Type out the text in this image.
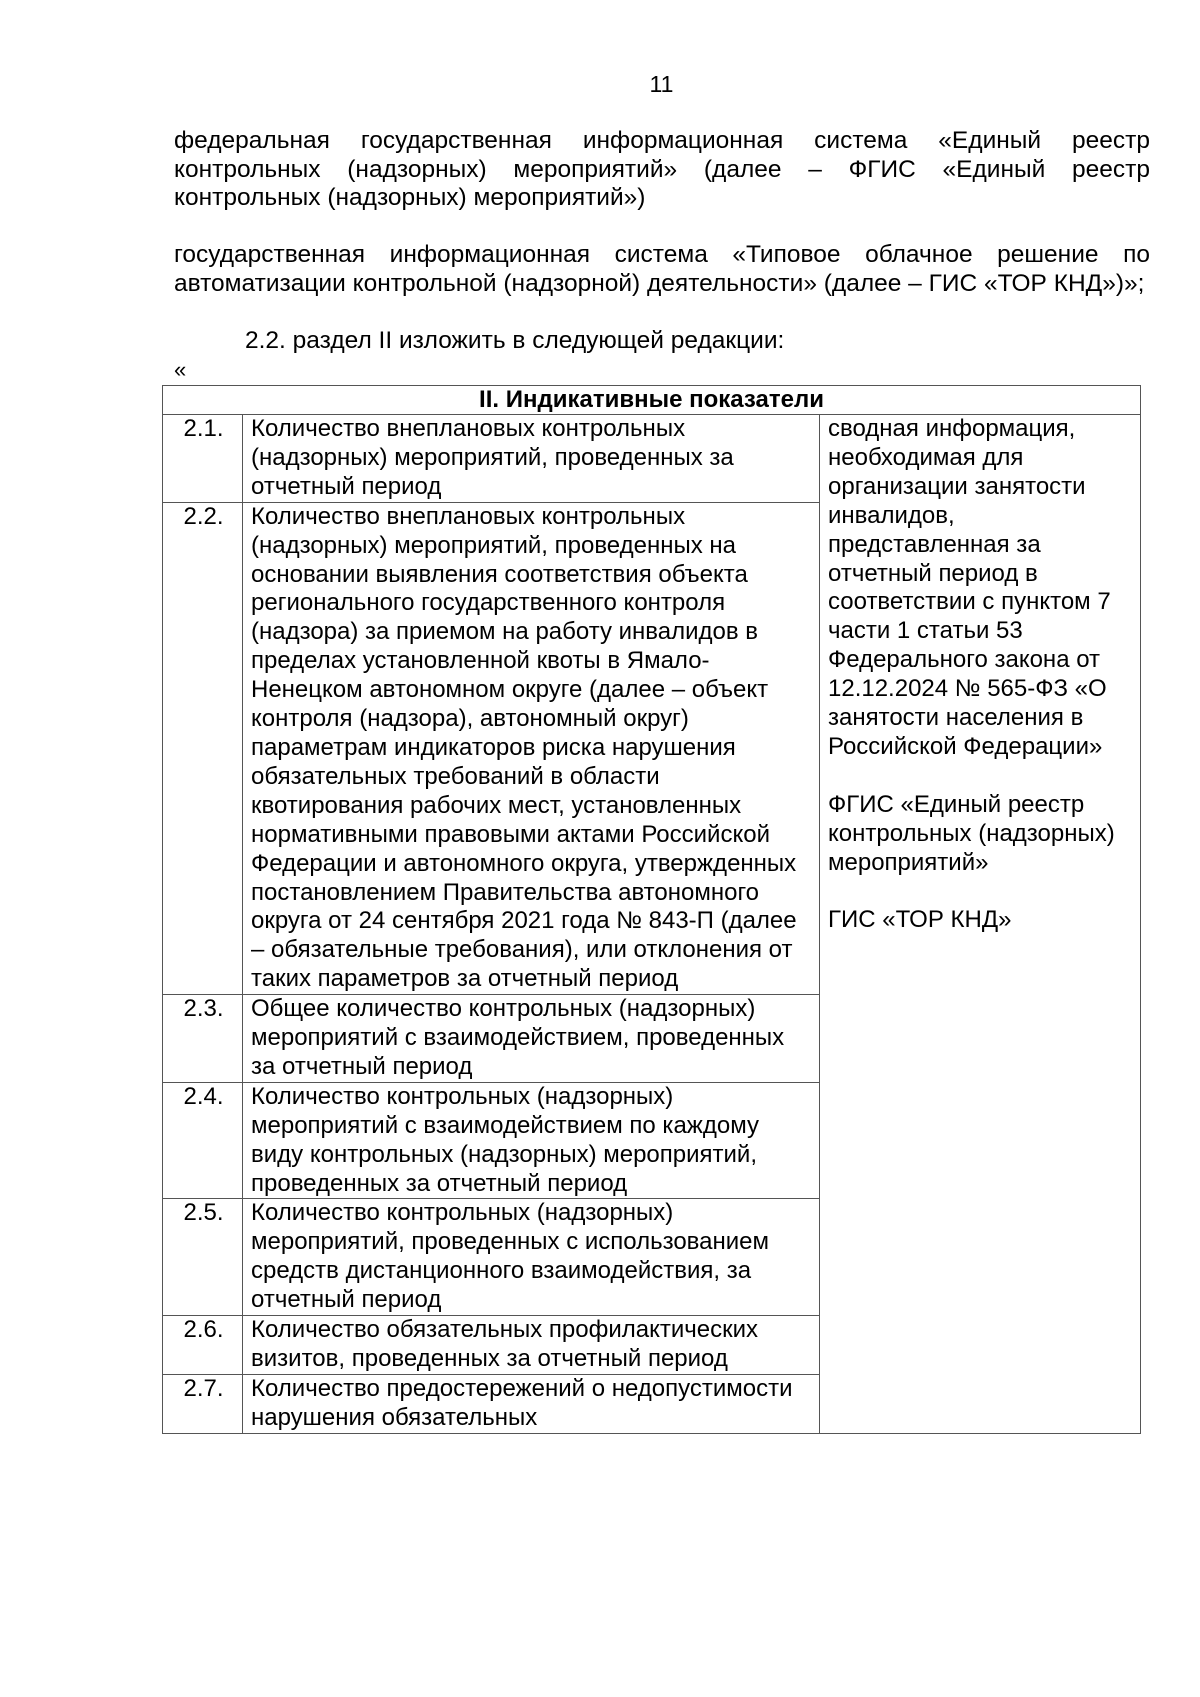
11

федеральная государственная информационная система «Единый реестр контрольных (надзорных) мероприятий» (далее – ФГИС «Единый реестр контрольных (надзорных) мероприятий»)

государственная информационная система «Типовое облачное решение по автоматизации контрольной (надзорной) деятельности» (далее – ГИС «ТОР КНД»)»;

2.2. раздел II изложить в следующей редакции:

«
II. Индикативные показатели		
2.1.	Количество внеплановых контрольных (надзорных) мероприятий, проведенных за отчетный период	сводная информация, необходимая для организации занятости инвалидов, представленная за отчетный период в соответствии с пунктом 7 части 1 статьи 53 Федерального закона от 12.12.2024 № 565-ФЗ «О занятости населения в Российской Федерации»
ФГИС «Единый реестр контрольных (надзорных) мероприятий»
ГИС «ТОР КНД»

2.2.	Количество внеплановых контрольных (надзорных) мероприятий, проведенных на основании выявления соответствия объекта регионального государственного контроля (надзора) за приемом на работу инвалидов в пределах установленной квоты в Ямало-Ненецком автономном округе (далее – объект контроля (надзора), автономный округ) параметрам индикаторов риска нарушения обязательных требований в области квотирования рабочих мест, установленных нормативными правовыми актами Российской Федерации и автономного округа, утвержденных постановлением Правительства автономного округа от 24 сентября 2021 года № 843-П (далее – обязательные требования), или отклонения от таких параметров за отчетный период	
2.3.	Общее количество контрольных (надзорных) мероприятий с взаимодействием, проведенных за отчетный период	
2.4.	Количество контрольных (надзорных) мероприятий с взаимодействием по каждому виду контрольных (надзорных) мероприятий, проведенных за отчетный период	
2.5.	Количество контрольных (надзорных) мероприятий, проведенных с использованием средств дистанционного взаимодействия, за отчетный период	
2.6.	Количество обязательных профилактических визитов, проведенных за отчетный период	
2.7.	Количество предостережений о недопустимости нарушения обязательных	
